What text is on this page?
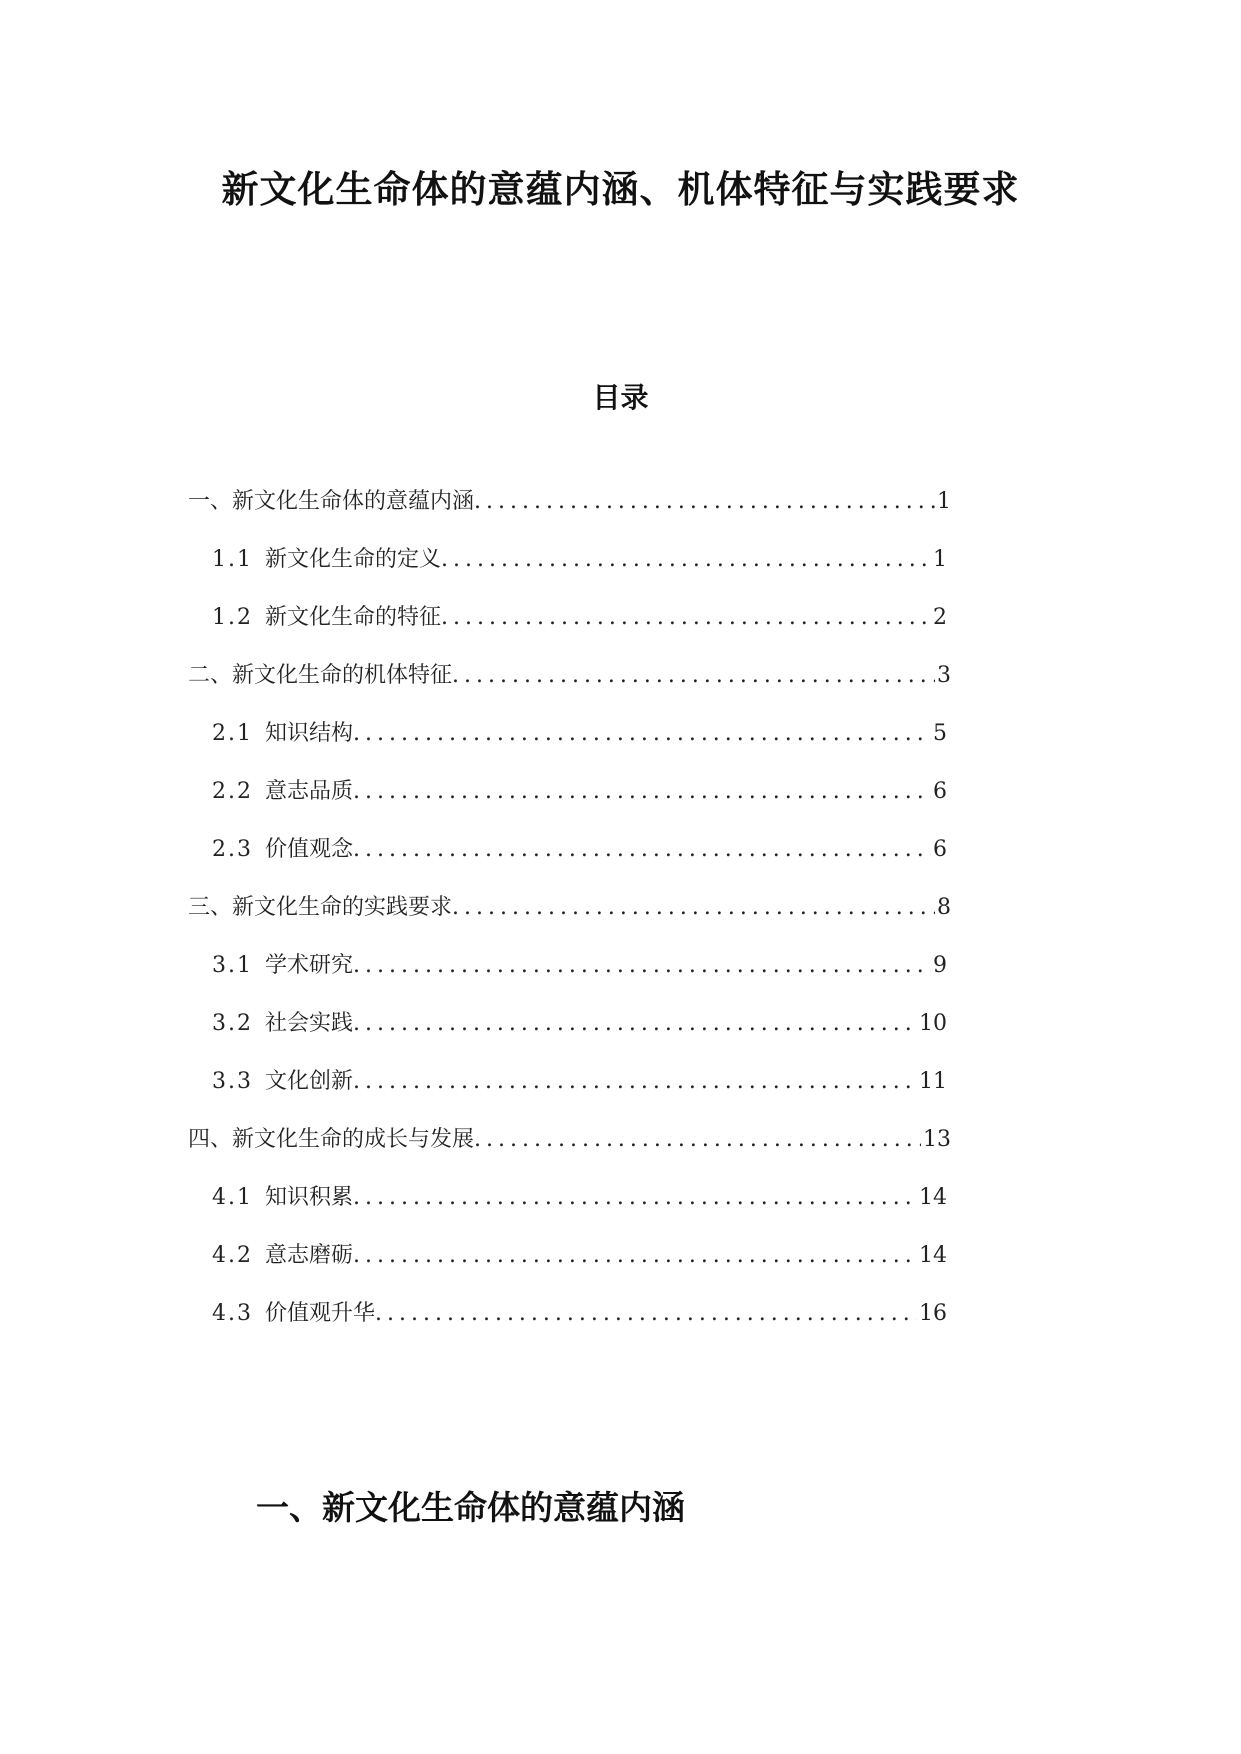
新文化生命体的意蕴内涵、机体特征与实践要求
目录
一、新文化生命体的意蕴内涵 .....	1
1.1 新文化生命的定义 .....	1
1.2 新文化生命的特征 .....	2
二、新文化生命的机体特征 .....	3
2.1 知识结构 .....	5
2.2 意志品质 .....	6
2.3 价值观念 .....	6
三、新文化生命的实践要求 .....	8
3.1 学术研究 .....	9
3.2 社会实践 .....	10
3.3 文化创新 .....	11
四、新文化生命的成长与发展 .....	13
4.1 知识积累 .....	14
4.2 意志磨砺 .....	14
4.3 价值观升华 .....	16
一、新文化生命体的意蕴内涵
